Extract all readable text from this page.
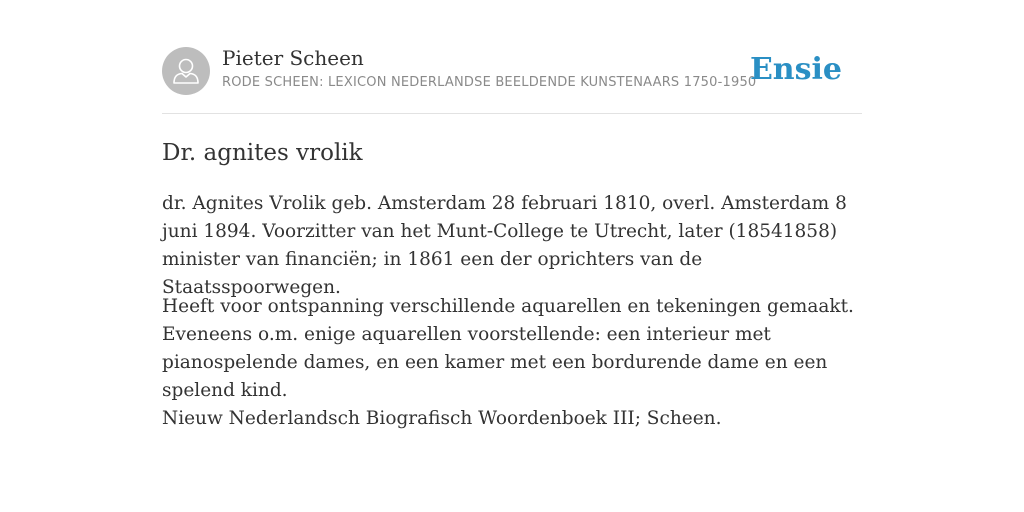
Pieter Scheen
RODE SCHEEN: LEXICON NEDERLANDSE BEELDENDE KUNSTENAARS 1750-1950
Ensie
Dr. agnites vrolik

dr. Agnites Vrolik geb. Amsterdam 28 februari 1810, overl. Amsterdam 8 juni 1894. Voorzitter van het Munt-College te Utrecht, later (18541858) minister van financiën; in 1861 een der oprichters van de Staatsspoorwegen.

Heeft voor ontspanning verschillende aquarellen en tekeningen gemaakt. Eveneens o.m. enige aquarellen voorstellende: een interieur met pianospelende dames, en een kamer met een bordurende dame en een spelend kind.

Nieuw Nederlandsch Biografisch Woordenboek III; Scheen.
